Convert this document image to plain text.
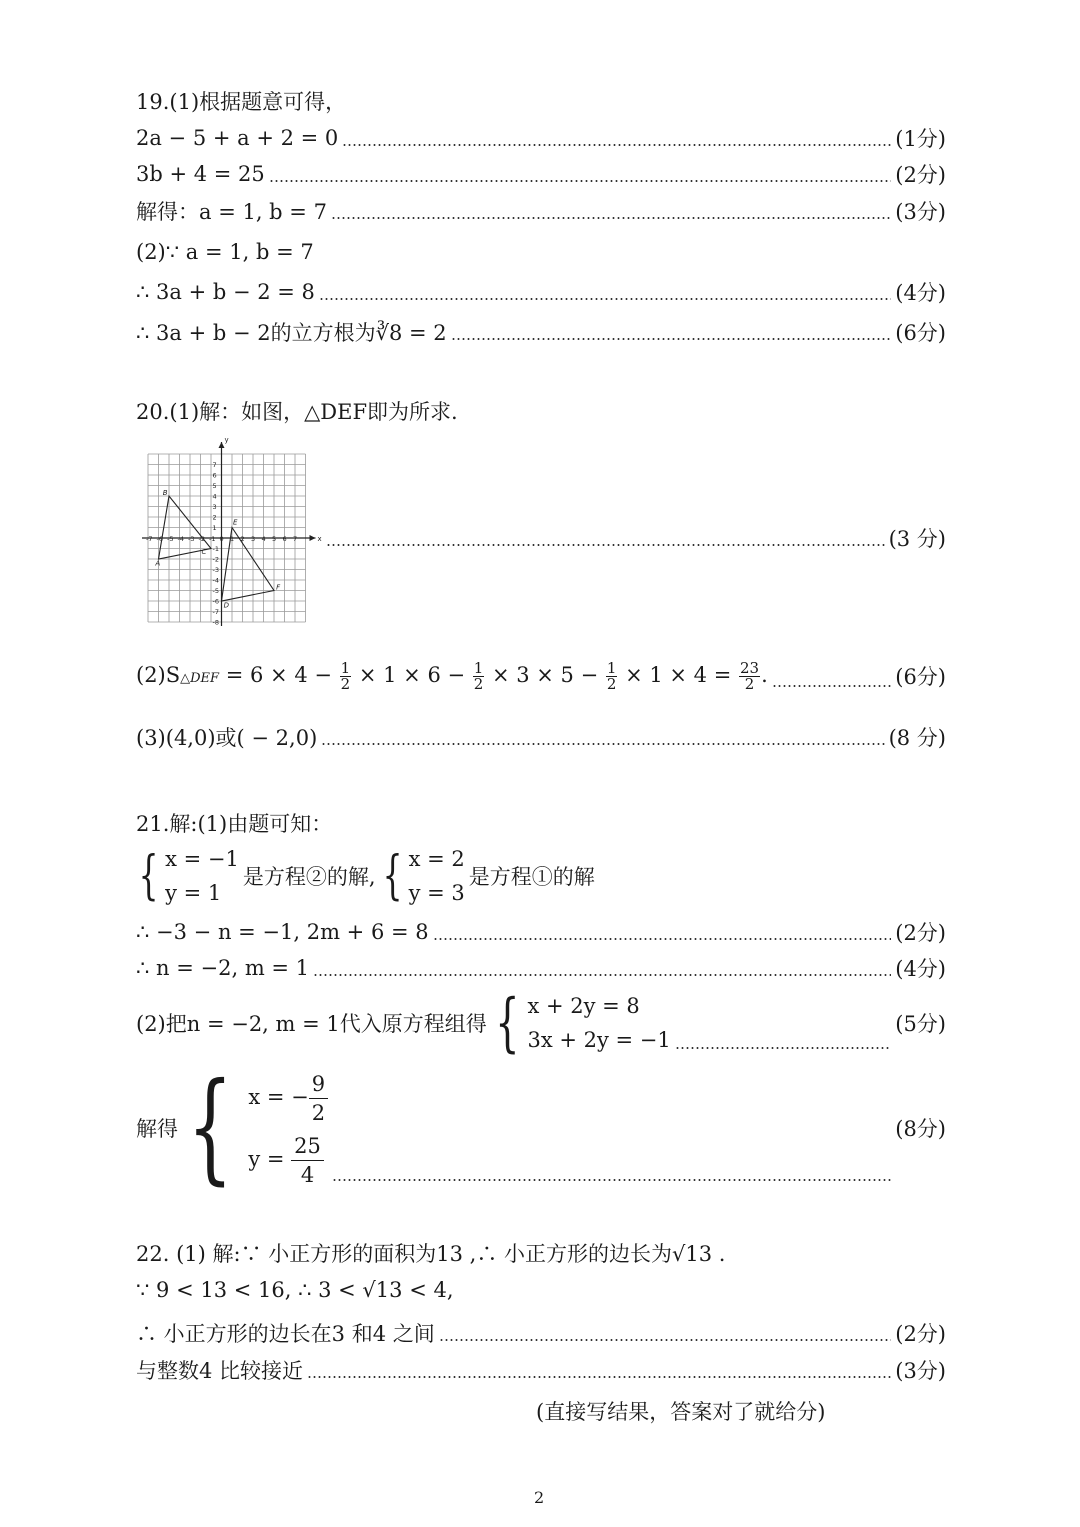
19.(1)根据题意可得，
2a − 5 + a + 2 = 0	(1分)
3b + 4 = 25	(2分)
解得：a = 1, b = 7	(3分)
(2)∵ a = 1, b = 7
∴ 3a + b − 2 = 8	(4分)
∴ 3a + b − 2的立方根为∛8 = 2	(6分)
20.(1)解：如图，△DEF即为所求.
x
y
-7 -6 -5 -4 -3 -2 -1 0 1 2 3 4 5 6 7
7
6
5
4
3
2
1
-1
-2
-3
-4
-5
-6
-7
-8
B
A
C
E
F
D
(3 分)
(2)S△DEF = $6 \times 4 - \frac{1}{2} \times 1 \times 6 - \frac{1}{2} \times 3 \times 5 - \frac{1}{2} \times 1 \times 4 = \frac{23}{2}$ .	(6分)
(3)(4,0)或( − 2,0)	(8 分)
21.解:(1)由题可知：
{ x = −1
y = 1
是方程②的解, { x = 2
y = 3
是方程①的解
∴ −3 − n = −1, 2m + 6 = 8	(2分)
∴ n = −2, m = 1	(4分)
(2)把n = −2, m = 1代入原方程组得 { x + 2y = 8
3x + 2y = −1
(5分)
解得 { x = − $\frac{9}{2}$
$y = \frac{25}{4}$
(8分)
22. (1) 解:∵ 小正方形的面积为13 ,∴ 小正方形的边长为√13 .
∵ 9 < 13 < 16, ∴ 3 < √13 < 4,
∴ 小正方形的边长在3 和4 之间	(2分)
与整数4 比较接近	(3分)
(直接写结果，答案对了就给分)
2
